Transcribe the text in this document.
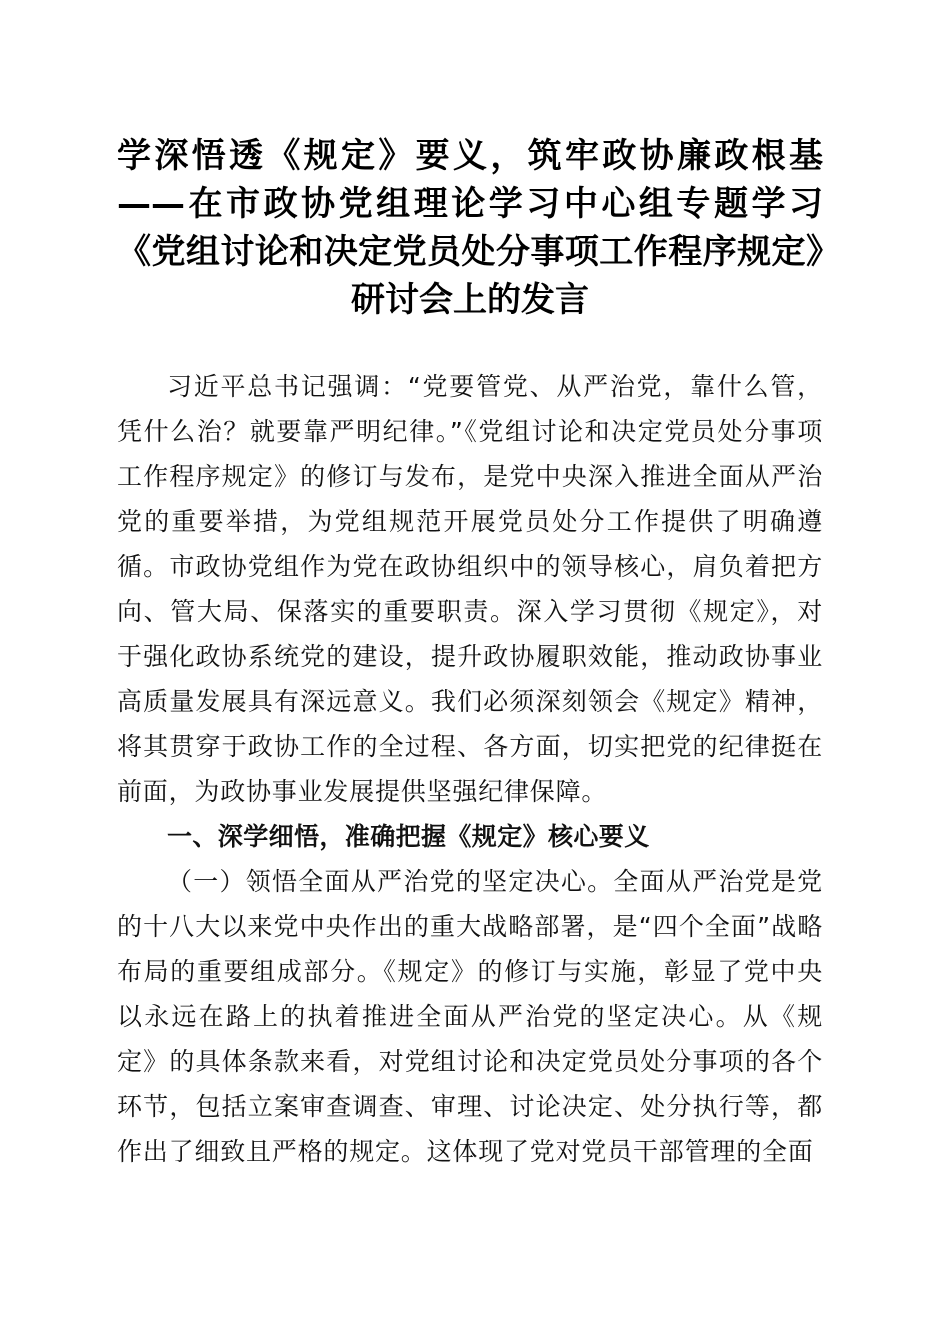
学深悟透《规定》要义，筑牢政协廉政根基——在市政协党组理论学习中心组专题学习《党组讨论和决定党员处分事项工作程序规定》研讨会上的发言

习近平总书记强调：“党要管党、从严治党，靠什么管，凭什么治？就要靠严明纪律。”《党组讨论和决定党员处分事项工作程序规定》的修订与发布，是党中央深入推进全面从严治党的重要举措，为党组规范开展党员处分工作提供了明确遵循。市政协党组作为党在政协组织中的领导核心，肩负着把方向、管大局、保落实的重要职责。深入学习贯彻《规定》，对于强化政协系统党的建设，提升政协履职效能，推动政协事业高质量发展具有深远意义。我们必须深刻领会《规定》精神，将其贯穿于政协工作的全过程、各方面，切实把党的纪律挺在前面，为政协事业发展提供坚强纪律保障。

一、深学细悟，准确把握《规定》核心要义

（一）领悟全面从严治党的坚定决心。全面从严治党是党的十八大以来党中央作出的重大战略部署，是“四个全面”战略布局的重要组成部分。《规定》的修订与实施，彰显了党中央以永远在路上的执着推进全面从严治党的坚定决心。从《规定》的具体条款来看，对党组讨论和决定党员处分事项的各个环节，包括立案审查调查、审理、讨论决定、处分执行等，都作出了细致且严格的规定。这体现了党对党员干部管理的全面
